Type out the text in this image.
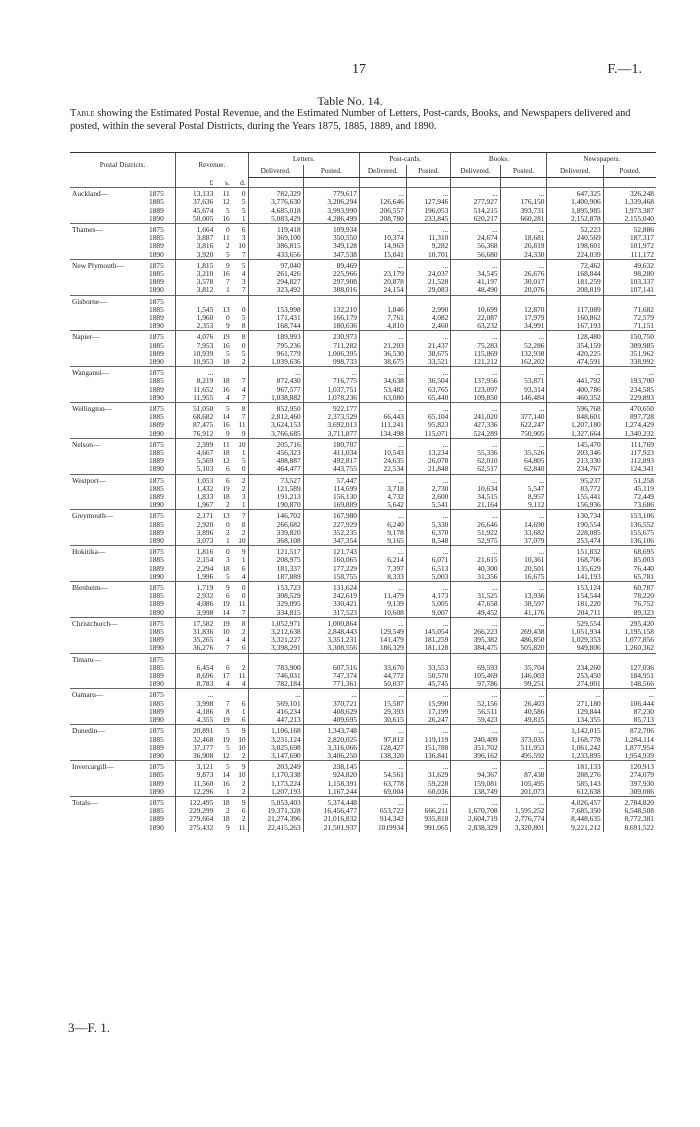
17	F.—1.
Table No. 14.
Table showing the Estimated Postal Revenue, and the Estimated Number of Letters, Post-cards, Books, and Newspapers delivered and posted, within the several Postal Districts, during the Years 1875, 1885, 1889, and 1890.
Postal Districts.		Revenue.			Letters.		Post-cards.		Books.		Newspapers.	
					Delivered.	Posted.	Delivered.	Posted.	Delivered.	Posted.	Delivered.	Posted.
		£	s.	d.								
Auckland—	1875	13,133	11	0	782,329	779,617	...	...	...	...	647,325	326,248
	1885	37,636	12	5	3,776,630	3,206,294	126,646	127,946	277,927	176,150	1,400,906	1,339,468
	1889	45,674	5	5	4,685,018	3,993,990	206,557	196,053	514,215	393,731	1,895,985	1,973,387
	1890	50,005	16	1	5,083,429	4,286,499	208,780	233,845	620,217	660,281	2,152,878	2,155,040
Thames—	1875	1,664	0	6	119,418	109,934	...	...	...	...	52,223	52,886
	1885	3,887	11	3	369,100	350,550	10,374	11,310	24,674	18,681	240,569	187,317
	1889	3,816	2	10	386,815	349,128	14,963	9,282	56,368	26,819	198,601	101,972
	1890	3,920	5	7	433,656	347,538	15,041	10,701	56,680	24,330	224,039	111,172
New Plymouth—	1875	1,815	9	5	97,040	89,469	...	...	...	...	72,462	49,632
	1885	3,210	16	4	261,426	225,966	23,179	24,037	34,545	26,676	168,844	98,280
	1889	3,578	7	3	294,827	297,908	20,878	21,528	41,197	30,017	181,259	103,337
	1890	3,812	1	7	323,492	308,016	24,154	29,083	48,490	20,076	208,819	107,141
Gisborne—	1875											
	1885	1,545	13	0	153,998	132,210	1,846	2,990	10,699	12,870	117,089	71,682
	1889	1,960	0	5	171,431	166,179	7,761	4,082	22,087	17,979	160,862	72,579
	1890	2,353	9	8	168,744	180,636	4,810	2,460	63,232	34,991	167,193	71,151
Napier—	1875	4,076	19	8	189,993	230,973	...	...	...	...	128,480	150,750
	1885	7,953	16	0	795,236	711,282	21,203	21,437	75,283	52,286	354,159	309,985
	1889	10,939	5	5	961,779	1,006,395	36,530	38,675	115,869	132,938	420,225	351,962
	1890	10,953	18	2	1,039,636	998,733	38,675	33,521	121,212	162,202	474,591	338,992
Wanganui—	1875	...			...	...	...	...	...	...	...	...
	1885	8,219	18	7	872,430	716,775	34,638	36,504	137,956	53,871	441,792	193,700
	1889	11,652	16	4	967,577	1,037,751	53,482	63,765	123,097	93,314	400,786	234,585
	1890	11,955	4	7	1,038,882	1,078,236	63,080	65,440	109,850	146,484	460,352	229,893
Wellington—	1875	51,050	5	8	852,950	922,177	...	...	...	...	596,768	470,650
	1885	68,682	14	7	2,812,460	2,373,529	66,443	65,104	241,020	377,140	848,601	897,728
	1889	87,475	16	11	3,624,153	3,692,013	111,241	95,823	427,336	622,247	1,207,180	1,274,429
	1890	76,912	9	9	3,766,685	3,711,877	134,498	115,071	524,289	750,905	1,327,664	1,340,232
Nelson—	1875	2,399	11	10	205,716	180,707	...	...	...	...	145,470	111,769
	1885	4,667	18	1	456,323	411,034	10,543	13,234	55,336	35,526	203,346	117,923
	1889	5,569	12	5	488,887	492,817	24,635	26,078	62,010	64,805	213,330	112,893
	1890	5,103	6	0	464,477	443,755	22,534	21,848	62,517	62,840	234,767	124,341
Westport—	1875	1,053	6	2	73,527	57,447	...	...	...	...	95,237	51,258
	1885	1,432	19	2	121,589	114,699	3,718	2,730	10,634	5,547	83,772	45,119
	1889	1,833	18	3	191,213	156,130	4,732	2,600	34,515	8,957	155,441	72,449
	1890	1,967	2	1	190,870	169,889	5,642	5,541	21,164	9,112	156,936	73,686
Greymouth—	1875	2,171	13	7	146,702	167,980	...	...	...	...	130,734	153,106
	1885	2,920	0	8	266,682	227,929	6,240	5,330	26,646	14,690	190,554	136,552
	1889	3,896	2	2	339,820	352,235	9,178	6,370	51,922	33,682	228,085	155,675
	1890	3,073	1	10	368,108	347,354	9,165	8,548	52,975	37,079	253,474	136,106
Hokitika—	1875	1,816	0	9	121,517	121,743	...	...	...	...	151,832	68,695
	1885	2,154	3	1	208,975	160,065	6,214	6,071	21,615	10,361	168,706	85,003
	1889	2,294	18	6	181,337	177,229	7,397	6,513	40,300	20,501	135,629	76,440
	1890	1,996	5	4	187,889	158,755	8,333	5,003	31,356	16,675	141,193	65,781
Blenheim—	1875	1,719	9	0	153,723	131,624	...	...	...	...	153,124	60,787
	1885	2,932	6	0	308,529	242,619	11,479	4,173	31,525	13,936	154,544	78,220
	1889	4,086	19	11	329,095	330,421	9,139	5,005	47,658	38,597	181,220	76,752
	1890	3,998	14	7	334,815	317,523	10,608	9,007	49,452	41,176	204,711	89,323
Christchurch—	1875	17,582	19	8	1,052,971	1,000,864	...	...	...	...	529,554	295,420
	1885	31,836	10	2	3,212,638	2,848,443	129,549	145,054	266,223	269,438	1,051,934	1,195,158
	1889	35,265	4	4	3,321,227	3,351,231	141,479	181,259	395,382	486,850	1,029,353	1,077,856
	1890	36,276	7	6	3,398,291	3,308,556	186,329	181,128	384,475	505,820	949,806	1,260,362
Timaru—	1875											
	1885	6,454	6	2	783,900	607,516	33,670	33,553	69,593	35,704	234,260	127,036
	1889	8,696	17	11	746,031	747,374	44,772	50,570	105,469	146,003	253,450	184,951
	1890	8,783	4	4	782,184	771,361	50,037	45,745	97,786	99,251	274,001	148,566
Oamaru—	1875	...			...	...	...	...	...	...	...	...
	1885	3,998	7	6	569,101	370,721	15,587	15,990	52,156	26,403	271,180	106,444
	1889	4,186	8	1	416,234	408,629	29,393	17,199	56,511	40,586	129,844	87,230
	1890	4,355	19	6	447,213	409,695	30,615	26,247	59,423	49,815	134,355	85,713
Dunedin—	1875	20,891	5	9	1,106,168	1,343,748	...	...	...	...	1,142,015	872,706
	1885	32,468	19	10	3,231,124	2,820,025	97,812	119,119	240,409	373,035	1,168,778	1,284,114
	1889	37,177	5	10	3,025,698	3,316,066	128,427	151,788	351,702	511,953	1,061,242	1,877,954
	1890	36,908	12	2	3,147,690	3,406,250	138,320	136,841	396,162	495,592	1,233,895	1,954,939
Invercargill—	1875	3,121	5	9	203,249	238,145	...	...	...	...	181,133	120,913
	1885	9,873	14	10	1,170,338	924,820	54,561	31,629	94,367	87,438	288,276	274,079
	1889	11,560	16	2	1,173,224	1,158,391	63,778	59,228	159,081	105,495	585,143	397,930
	1890	12,296	1	2	1,207,193	1,167,244	69,004	60,036	138,749	201,073	612,638	309,086
Totals—	1875	122,495	18	9	5,053,403	5,374,448	...	...	...	...	4,026,457	2,784,820
	1885	229,299	2	6	19,371,328	16,456,477	653,722	666,211	1,670,708	1,595,252	7,685,350	6,548,508
	1889	279,664	18	2	21,274,396	21,016,832	914,342	935,818	2,604,719	2,776,774	8,448,635	8,772,381
	1890	275,432	9	11	22,415,263	21,501,937	1019934	991,065	2,838,329	3,320,801	9,221,212	8,691,522
3—F. 1.
